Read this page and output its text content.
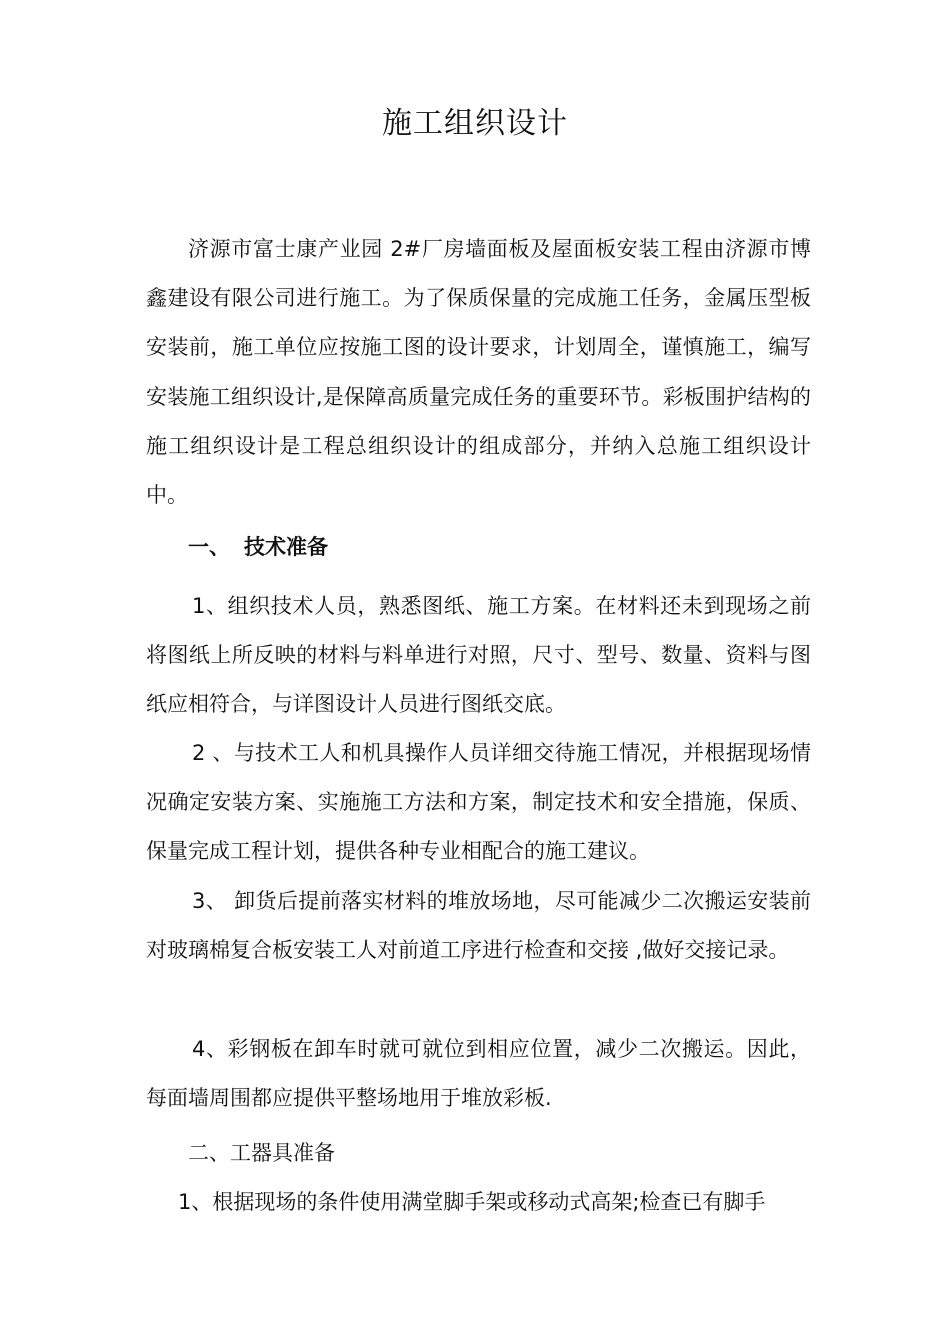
施工组织设计

济源市富士康产业园 2#厂房墙面板及屋面板安装工程由济源市博鑫建设有限公司进行施工。为了保质保量的完成施工任务，金属压型板安装前，施工单位应按施工图的设计要求，计划周全，谨慎施工，编写安装施工组织设计,是保障高质量完成任务的重要环节。彩板围护结构的施工组织设计是工程总组织设计的组成部分，并纳入总施工组织设计中。

一、 技术准备

1、组织技术人员，熟悉图纸、施工方案。在材料还未到现场之前将图纸上所反映的材料与料单进行对照，尺寸、型号、数量、资料与图纸应相符合，与详图设计人员进行图纸交底。

2 、与技术工人和机具操作人员详细交待施工情况，并根据现场情况确定安装方案、实施施工方法和方案，制定技术和安全措施，保质、保量完成工程计划，提供各种专业相配合的施工建议。

3、 卸货后提前落实材料的堆放场地，尽可能减少二次搬运安装前对玻璃棉复合板安装工人对前道工序进行检查和交接 ,做好交接记录。

4、彩钢板在卸车时就可就位到相应位置，减少二次搬运。因此，每面墙周围都应提供平整场地用于堆放彩板.

二、工器具准备

1、根据现场的条件使用满堂脚手架或移动式高架;检查已有脚手
